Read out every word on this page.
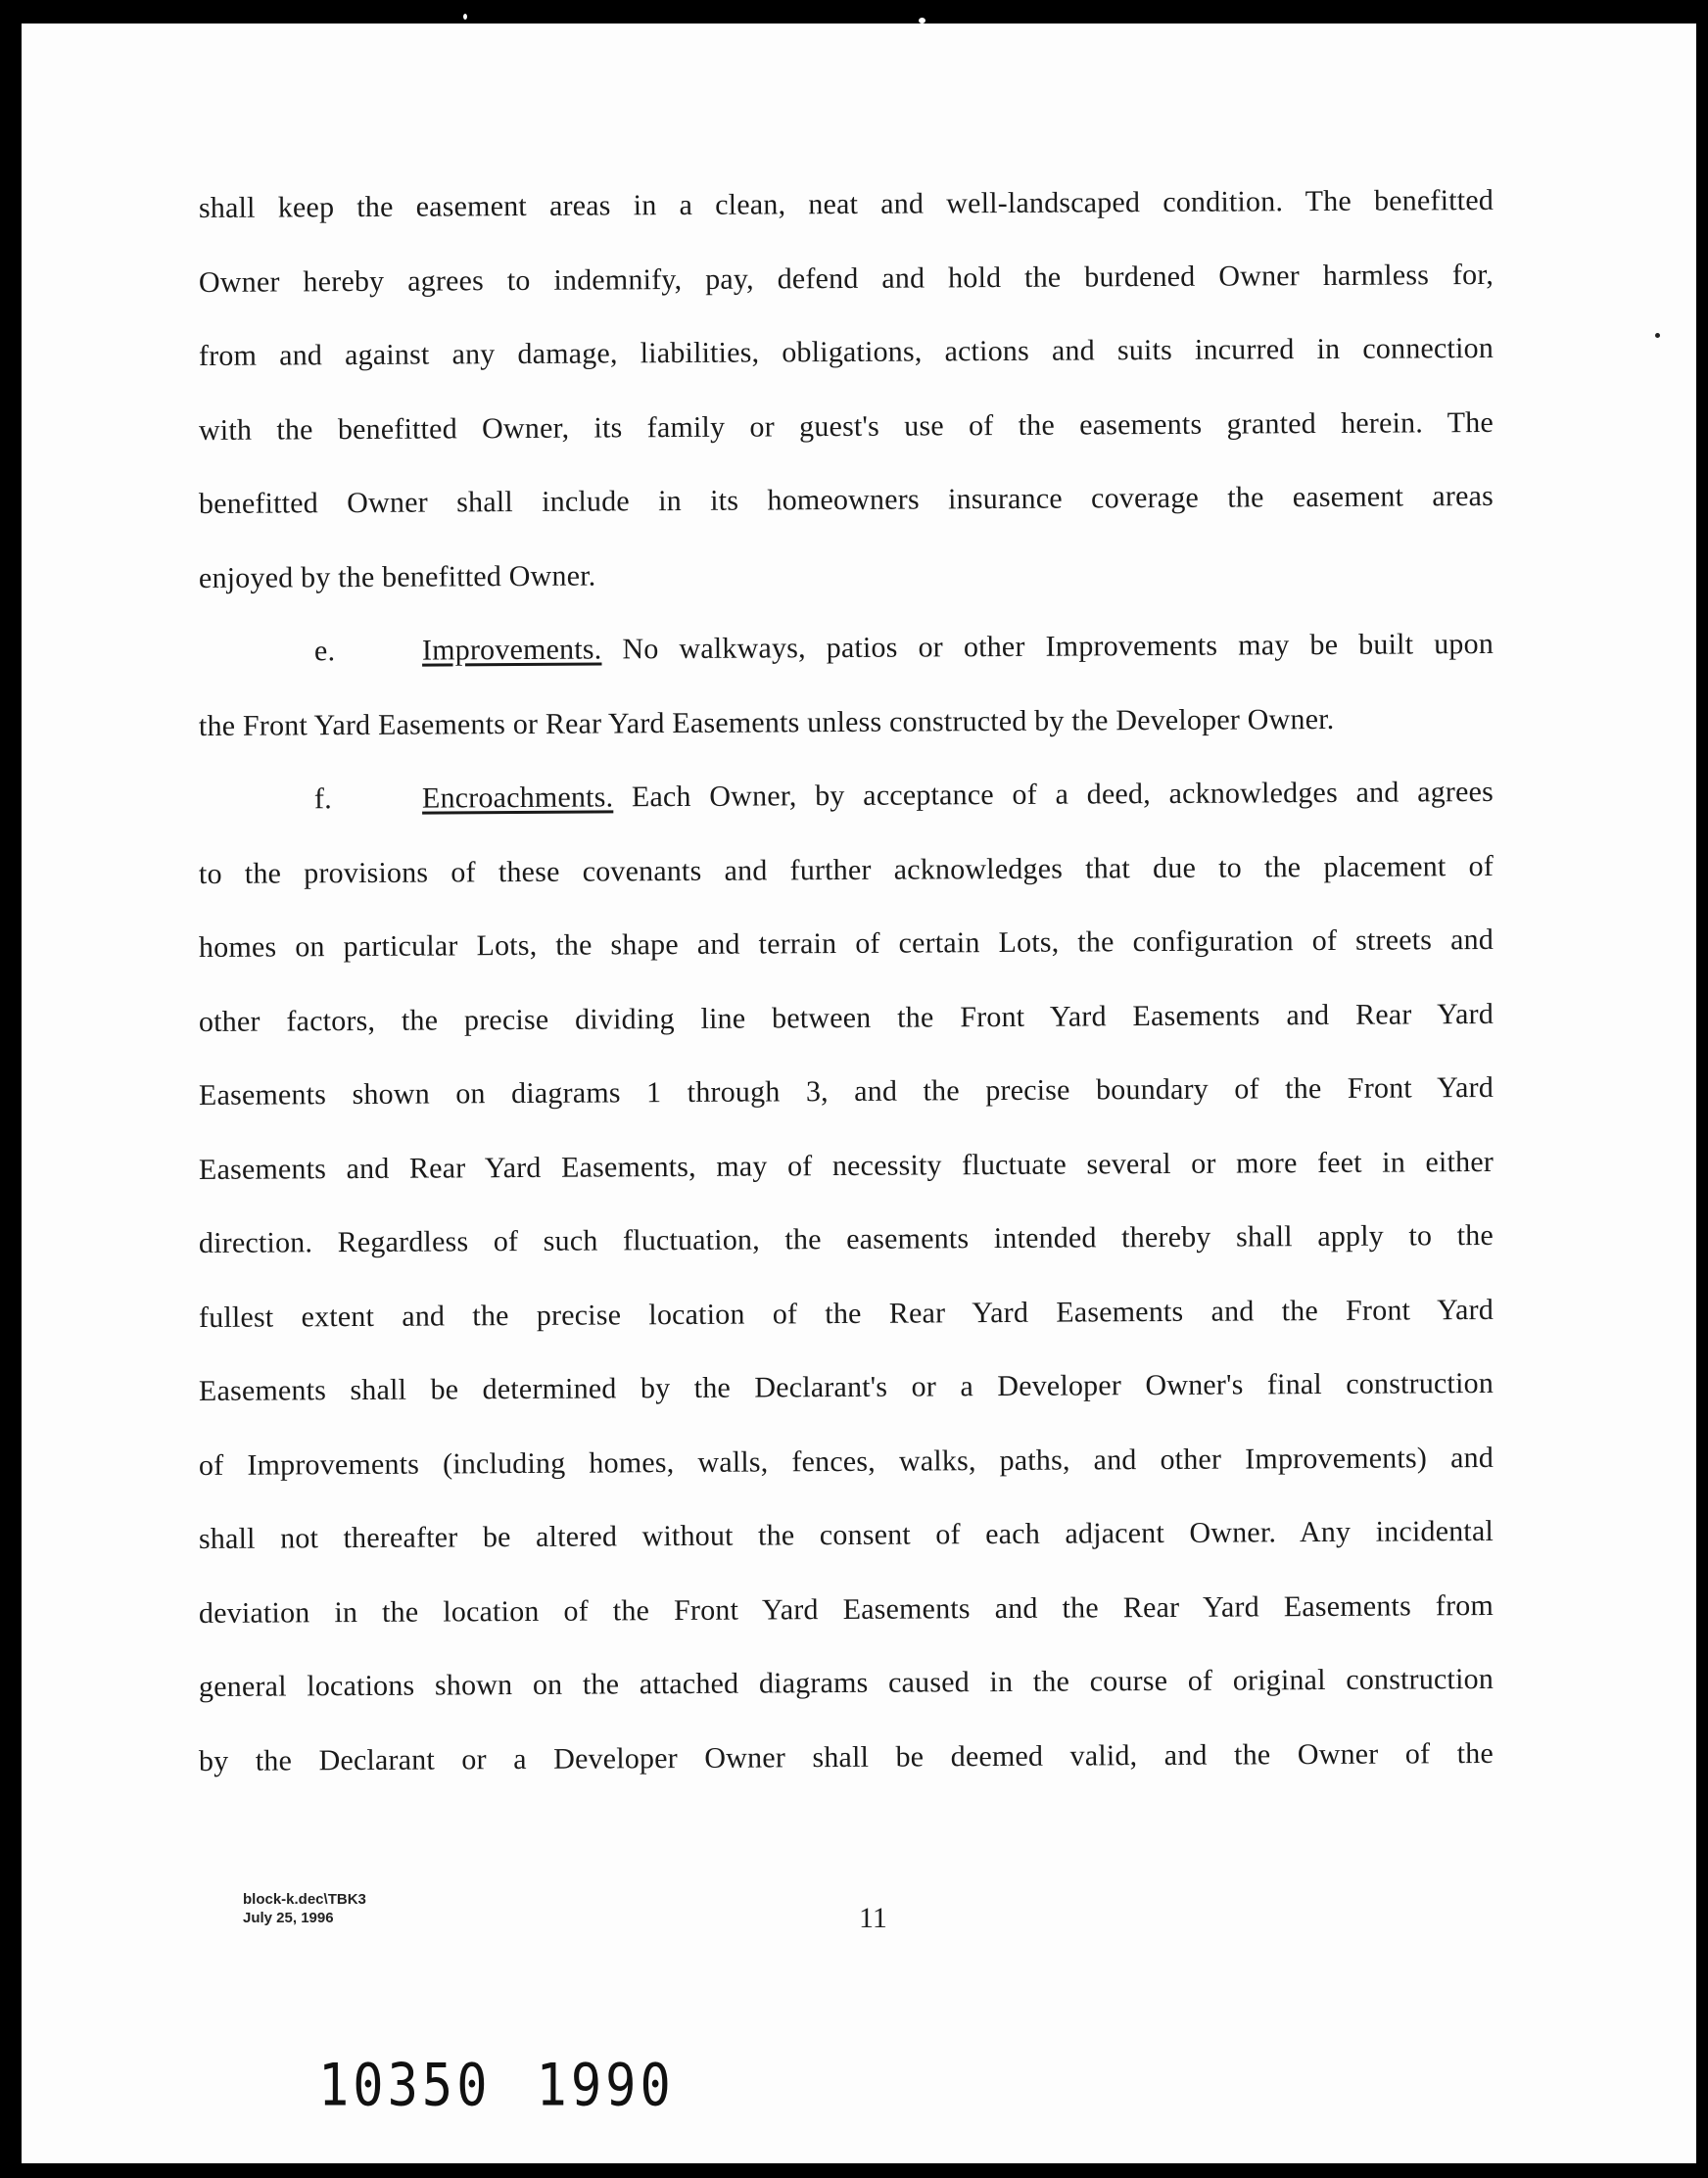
shall keep the easement areas in a clean, neat and well-landscaped condition. The benefitted
Owner hereby agrees to indemnify, pay, defend and hold the burdened Owner harmless for,
from and against any damage, liabilities, obligations, actions and suits incurred in connection
with the benefitted Owner, its family or guest's use of the easements granted herein. The
benefitted Owner shall include in its homeowners insurance coverage the easement areas
enjoyed by the benefitted Owner.
e.	Improvements. No walkways, patios or other Improvements may be built upon
the Front Yard Easements or Rear Yard Easements unless constructed by the Developer Owner.
f.	Encroachments. Each Owner, by acceptance of a deed, acknowledges and agrees
to the provisions of these covenants and further acknowledges that due to the placement of
homes on particular Lots, the shape and terrain of certain Lots, the configuration of streets and
other factors, the precise dividing line between the Front Yard Easements and Rear Yard
Easements shown on diagrams 1 through 3, and the precise boundary of the Front Yard
Easements and Rear Yard Easements, may of necessity fluctuate several or more feet in either
direction. Regardless of such fluctuation, the easements intended thereby shall apply to the
fullest extent and the precise location of the Rear Yard Easements and the Front Yard
Easements shall be determined by the Declarant's or a Developer Owner's final construction
of Improvements (including homes, walls, fences, walks, paths, and other Improvements) and
shall not thereafter be altered without the consent of each adjacent Owner. Any incidental
deviation in the location of the Front Yard Easements and the Rear Yard Easements from
general locations shown on the attached diagrams caused in the course of original construction
by the Declarant or a Developer Owner shall be deemed valid, and the Owner of the
block-k.dec\TBK3
July 25, 1996	11
10350 1990
